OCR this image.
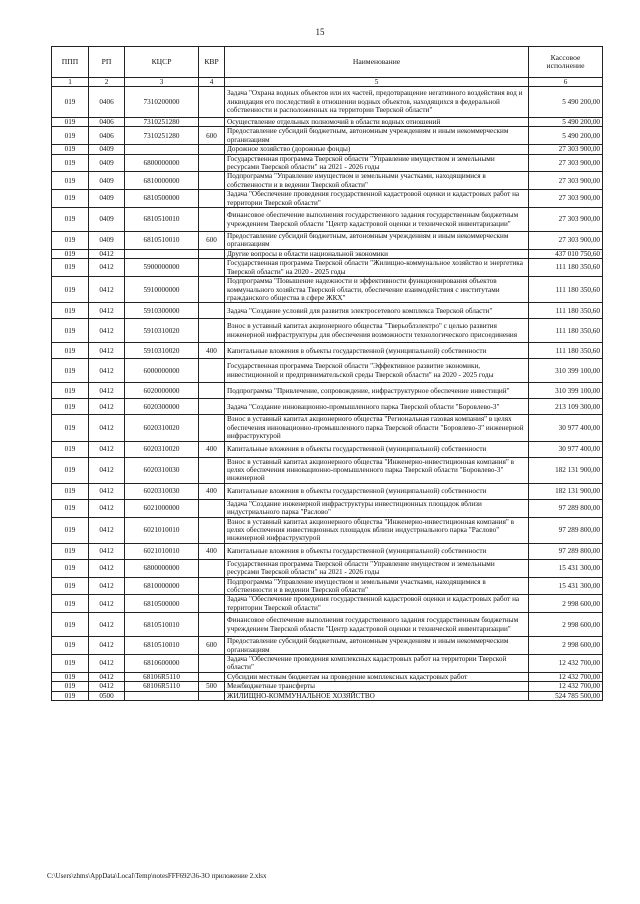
15
ППП	РП	КЦСР	КВР	Наименование	Кассовое исполнение
1	2	3	4	5	6
019	0406	7310200000		Задача "Охрана водных объектов или их частей, предотвращение негативного воздействия вод и ликвидация его последствий в отношении водных объектов, находящихся в федеральной собственности и расположенных на территории Тверской области"	5 490 200,00
019	0406	7310251280		Осуществление отдельных полномочий в области водных отношений	5 490 200,00
019	0406	7310251280	600	Предоставление субсидий бюджетным, автономным учреждениям и иным некоммерческим организациям	5 490 200,00
019	0409			Дорожное хозяйство (дорожные фонды)	27 303 900,00
019	0409	6800000000		Государственная программа Тверской области "Управление имуществом и земельными ресурсами Тверской области" на 2021 - 2026 годы	27 303 900,00
019	0409	6810000000		Подпрограмма "Управление имуществом и земельными участками, находящимися в собственности и в ведении Тверской области"	27 303 900,00
019	0409	6810500000		Задача "Обеспечение проведения государственной кадастровой оценки и кадастровых работ на территории Тверской области"	27 303 900,00
019	0409	6810510010		Финансовое обеспечение выполнения государственного задания государственным бюджетным учреждением Тверской области "Центр кадастровой оценки и технической инвентаризации"	27 303 900,00
019	0409	6810510010	600	Предоставление субсидий бюджетным, автономным учреждениям и иным некоммерческим организациям	27 303 900,00
019	0412			Другие вопросы в области национальной экономики	437 010 750,60
019	0412	5900000000		Государственная программа Тверской области "Жилищно-коммунальное хозяйство и энергетика Тверской области" на 2020 - 2025 годы	111 180 350,60
019	0412	5910000000		Подпрограмма "Повышение надежности и эффективности функционирования объектов коммунального хозяйства Тверской области, обеспечение взаимодействия с институтами гражданского общества в сфере ЖКХ"	111 180 350,60
019	0412	5910300000		Задача "Создание условий для развития электросетевого комплекса Тверской области"	111 180 350,60
019	0412	5910310020		Взнос в уставный капитал акционерного общества "Тверьоблэлектро" с целью развития инженерной инфраструктуры для обеспечения возможности технологического присоединения	111 180 350,60
019	0412	5910310020	400	Капитальные вложения в объекты государственной (муниципальной) собственности	111 180 350,60
019	0412	6000000000		Государственная программа Тверской области "Эффективное развитие экономики, инвестиционной и предпринимательской среды Тверской области" на 2020 - 2025 годы	310 399 100,00
019	0412	6020000000		Подпрограмма "Привлечение, сопровождение, инфраструктурное обеспечение инвестиций"	310 399 100,00
019	0412	6020300000		Задача "Создание инновационно-промышленного парка Тверской области "Боровлево-3"	213 109 300,00
019	0412	6020310020		Взнос в уставный капитал акционерного общества "Региональная газовая компания" в целях обеспечения инновационно-промышленного парка Тверской области "Боровлево-3" инженерной инфраструктурой	30 977 400,00
019	0412	6020310020	400	Капитальные вложения в объекты государственной (муниципальной) собственности	30 977 400,00
019	0412	6020310030		Взнос в уставный капитал акционерного общества "Инженерно-инвестиционная компания" в целях обеспечения инновационно-промышленного парка Тверской области "Боровлево-3" инженерной	182 131 900,00
019	0412	6020310030	400	Капитальные вложения в объекты государственной (муниципальной) собственности	182 131 900,00
019	0412	6021000000		Задача "Создание инженерной инфраструктуры инвестиционных площадок вблизи индустриального парка "Раслово"	97 289 800,00
019	0412	6021010010		Взнос в уставный капитал акционерного общества "Инженерно-инвестиционная компания" в целях обеспечения инвестиционных площадок вблизи индустриального парка "Раслово" инженерной инфраструктурой	97 289 800,00
019	0412	6021010010	400	Капитальные вложения в объекты государственной (муниципальной) собственности	97 289 800,00
019	0412	6800000000		Государственная программа Тверской области "Управление имуществом и земельными ресурсами Тверской области" на 2021 - 2026 годы	15 431 300,00
019	0412	6810000000		Подпрограмма "Управление имуществом и земельными участками, находящимися в собственности и в ведении Тверской области"	15 431 300,00
019	0412	6810500000		Задача "Обеспечение проведения государственной кадастровой оценки и кадастровых работ на территории Тверской области"	2 998 600,00
019	0412	6810510010		Финансовое обеспечение выполнения государственного задания государственным бюджетным учреждением Тверской области "Центр кадастровой оценки и технической инвентаризации"	2 998 600,00
019	0412	6810510010	600	Предоставление субсидий бюджетным, автономным учреждениям и иным некоммерческим организациям	2 998 600,00
019	0412	6810600000		Задача "Обеспечение проведения комплексных кадастровых работ на территории Тверской области"	12 432 700,00
019	0412	68106R5110		Субсидии местным бюджетам на проведение комплексных кадастровых работ	12 432 700,00
019	0412	68106R5110	500	Межбюджетные трансферты	12 432 700,00
019	0500			ЖИЛИЩНО-КОММУНАЛЬНОЕ ХОЗЯЙСТВО	524 785 500,00
C:\Users\zhms\AppData\Local\Temp\notesFFF692\36-ЗО приложение 2.xlsx
